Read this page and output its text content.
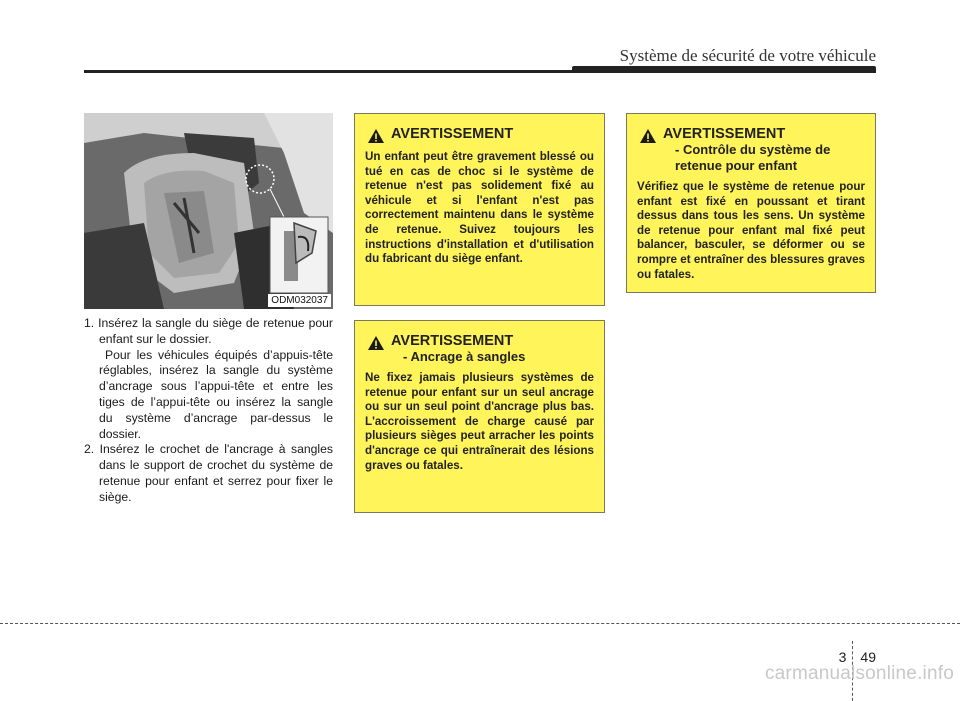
Système de sécurité de votre véhicule
ODM032037

1. Insérez la sangle du siège de retenue pour enfant sur le dossier.

Pour les véhicules équipés d’appuis-tête réglables, insérez la sangle du système d’ancrage sous l’appui-tête et entre les tiges de l’appui-tête ou insérez la sangle du système d’ancrage par-dessus le dossier.

2. Insérez le crochet de l'ancrage à sangles dans le support de crochet du système de retenue pour enfant et serrez pour fixer le siège.

AVERTISSEMENT
Un enfant peut être gravement blessé ou tué en cas de choc si le système de retenue n'est pas solidement fixé au véhicule et si l'enfant n'est pas correctement maintenu dans le système de retenue. Suivez toujours les instructions d'installation et d'utilisation du fabricant du siège enfant.
AVERTISSEMENT
- Ancrage à sangles
Ne fixez jamais plusieurs systèmes de retenue pour enfant sur un seul ancrage ou sur un seul point d'ancrage plus bas. L'accroissement de charge causé par plusieurs sièges peut arracher les points d'ancrage ce qui entraînerait des lésions graves ou fatales.
AVERTISSEMENT
- Contrôle du système de retenue pour enfant
Vérifiez que le système de retenue pour enfant est fixé en poussant et tirant dessus dans tous les sens. Un système de retenue pour enfant mal fixé peut balancer, basculer, se déformer ou se rompre et entraîner des blessures graves ou fatales.
3 49
carmanualsonline.info
